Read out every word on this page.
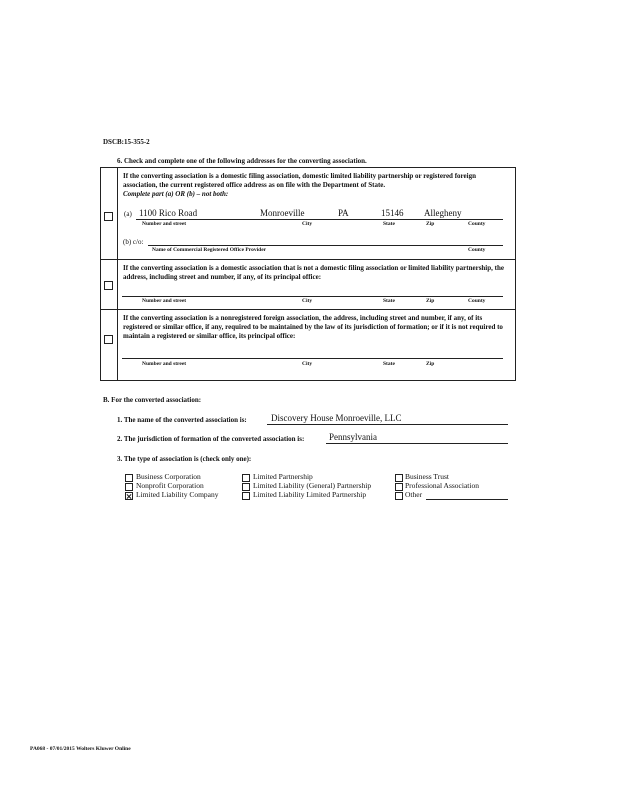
DSCB:15-355-2
6. Check and complete one of the following addresses for the converting association.
If the converting association is a domestic filing association, domestic limited liability partnership or registered foreign association, the current registered office address as on file with the Department of State.
Complete part (a) OR (b) – not both:
(a) 1100 Rico Road	Monroeville	PA	15146 Allegheny
Number and street	City	State	Zip	County
(b) c/o:
Name of Commercial Registered Office Provider	County
If the converting association is a domestic association that is not a domestic filing association or limited liability partnership, the address, including street and number, if any, of its principal office:
Number and street	City	State	Zip	County
If the converting association is a nonregistered foreign association, the address, including street and number, if any, of its registered or similar office, if any, required to be maintained by the law of its jurisdiction of formation; or if it is not required to maintain a registered or similar office, its principal office:
Number and street	City	State	Zip
B. For the converted association:
1. The name of the converted association is:	Discovery House Monroeville, LLC
2. The jurisdiction of formation of the converted association is:	Pennsylvania
3. The type of association is (check only one):
Business Corporation
Nonprofit Corporation
Limited Liability Company
Limited Partnership
Limited Liability (General) Partnership
Limited Liability Limited Partnership
Business Trust
Professional Association
Other
PA068 - 07/01/2015 Wolters Kluwer Online
